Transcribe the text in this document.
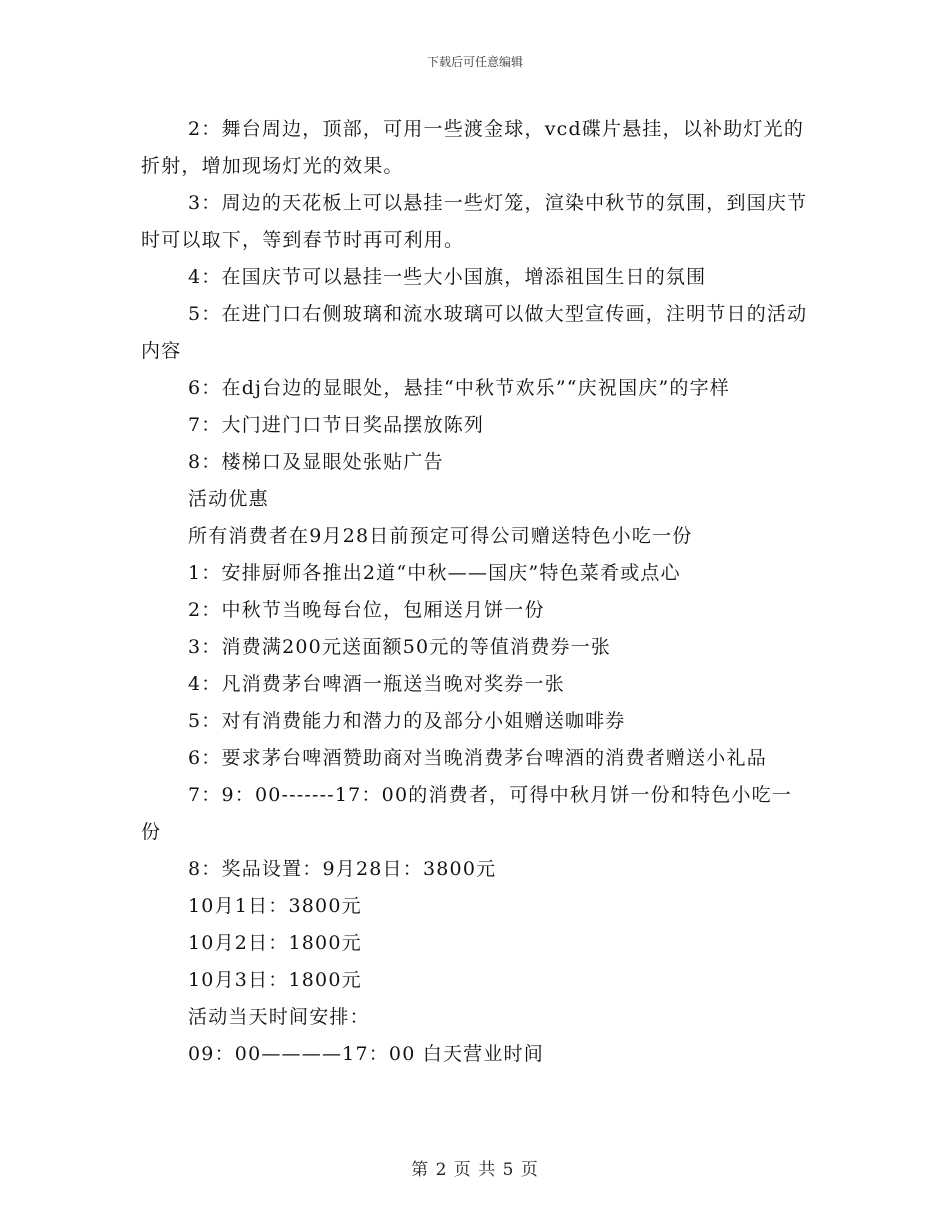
下载后可任意编辑

2：舞台周边，顶部，可用一些渡金球，vcd碟片悬挂，以补助灯光的折射，增加现场灯光的效果。

3：周边的天花板上可以悬挂一些灯笼，渲染中秋节的氛围，到国庆节时可以取下，等到春节时再可利用。

4：在国庆节可以悬挂一些大小国旗，增添祖国生日的氛围

5：在进门口右侧玻璃和流水玻璃可以做大型宣传画，注明节日的活动内容

6：在dj台边的显眼处，悬挂“中秋节欢乐”“庆祝国庆”的字样

7：大门进门口节日奖品摆放陈列

8：楼梯口及显眼处张贴广告

活动优惠

所有消费者在9月28日前预定可得公司赠送特色小吃一份

1：安排厨师各推出2道“中秋——国庆”特色菜肴或点心

2：中秋节当晚每台位，包厢送月饼一份

3：消费满200元送面额50元的等值消费券一张

4：凡消费茅台啤酒一瓶送当晚对奖券一张

5：对有消费能力和潜力的及部分小姐赠送咖啡券

6：要求茅台啤酒赞助商对当晚消费茅台啤酒的消费者赠送小礼品

7：9：00-------17：00的消费者，可得中秋月饼一份和特色小吃一份

8：奖品设置：9月28日：3800元

10月1日：3800元

10月2日：1800元

10月3日：1800元

活动当天时间安排：

09：00————17：00 白天营业时间

第 2 页 共 5 页
